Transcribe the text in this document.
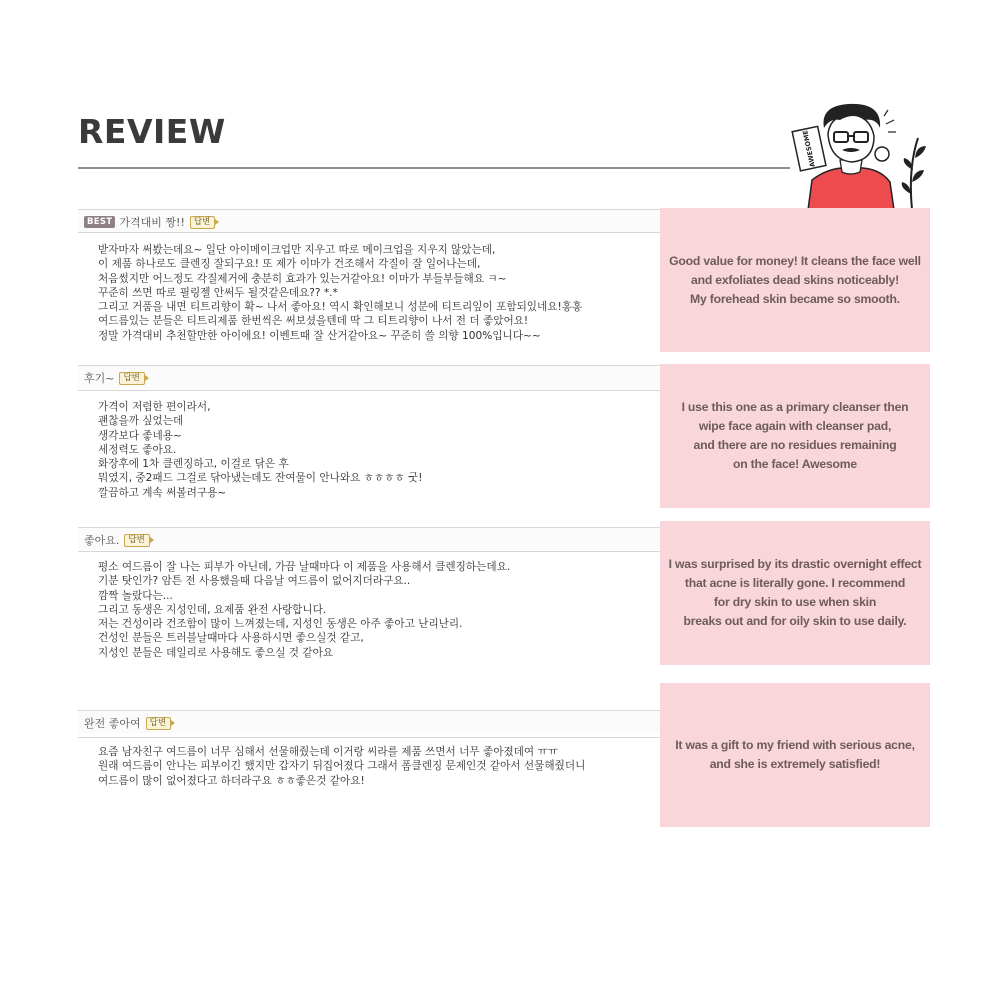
REVIEW	AWESOME
BEST 가격대비 짱!!	답변
받자마자 써봤는데요~ 일단 아이메이크업만 지우고 따로 메이크업을 지우지 않았는데,
이 제품 하나로도 클렌징 잘되구요! 또 제가 이마가 건조해서 각질이 잘 일어나는데,
처음썼지만 어느정도 각질제거에 충분히 효과가 있는거같아요! 이마가 부들부들해요 ㅋ~
꾸준히 쓰면 따로 필링젤 안써두 될것같은데요?? *.*
그리고 거품을 내면 티트리향이 확~ 나서 좋아요! 역시 확인해보니 성분에 티트리잎이 포함되있네요!홍홍
여드름있는 분들은 티트리제품 한번씩은 써보셨을텐데 딱 그 티트리향이 나서 전 더 좋았어요!
정말 가격대비 추천할만한 아이에요! 이벤트때 잘 산거같아요~ 꾸준히 쓸 의향 100%입니다~~
후기~	답변
가격이 저렴한 편이라서,
괜찮을까 싶었는데
생각보다 좋네용~
세정력도 좋아요.
화장후에 1차 클렌징하고, 이걸로 닦은 후
뭐였지, 중2패드 그걸로 닦아냈는데도 잔여물이 안나와요 ㅎㅎㅎㅎ 굿!
깔끔하고 계속 써볼려구용~
좋아요.	답변
평소 여드름이 잘 나는 피부가 아닌데, 가끔 날때마다 이 제품을 사용해서 클렌징하는데요.
기분 탓인가? 암튼 전 사용했을때 다음날 여드름이 없어지더라구요..
깜짝 놀랐다는...
그리고 동생은 지성인데, 요제품 완전 사랑합니다.
저는 건성이라 건조함이 많이 느껴졌는데, 지성인 동생은 아주 좋아고 난리난리.
건성인 분들은 트러블날때마다 사용하시면 좋으실것 같고,
지성인 분들은 데일리로 사용해도 좋으실 것 같아요
완전 좋아여	답변
요즘 남자친구 여드름이 너무 심해서 선물해줬는데 이거랑 씨라를 제품 쓰면서 너무 좋아졌데여 ㅠㅠ
원래 여드름이 안나는 피부이긴 했지만 갑자기 뒤집어졌다 그래서 폼클렌징 문제인것 같아서 선물해줬더니
여드름이 많이 없어졌다고 하더라구요 ㅎㅎ좋은것 같아요!
Good value for money! It cleans the face well
and exfoliates dead skins noticeably!
My forehead skin became so smooth.
I use this one as a primary cleanser then
wipe face again with cleanser pad,
and there are no residues remaining
on the face! Awesome
I was surprised by its drastic overnight effect
that acne is literally gone. I recommend
for dry skin to use when skin
breaks out and for oily skin to use daily.
It was a gift to my friend with serious acne,
and she is extremely satisfied!
